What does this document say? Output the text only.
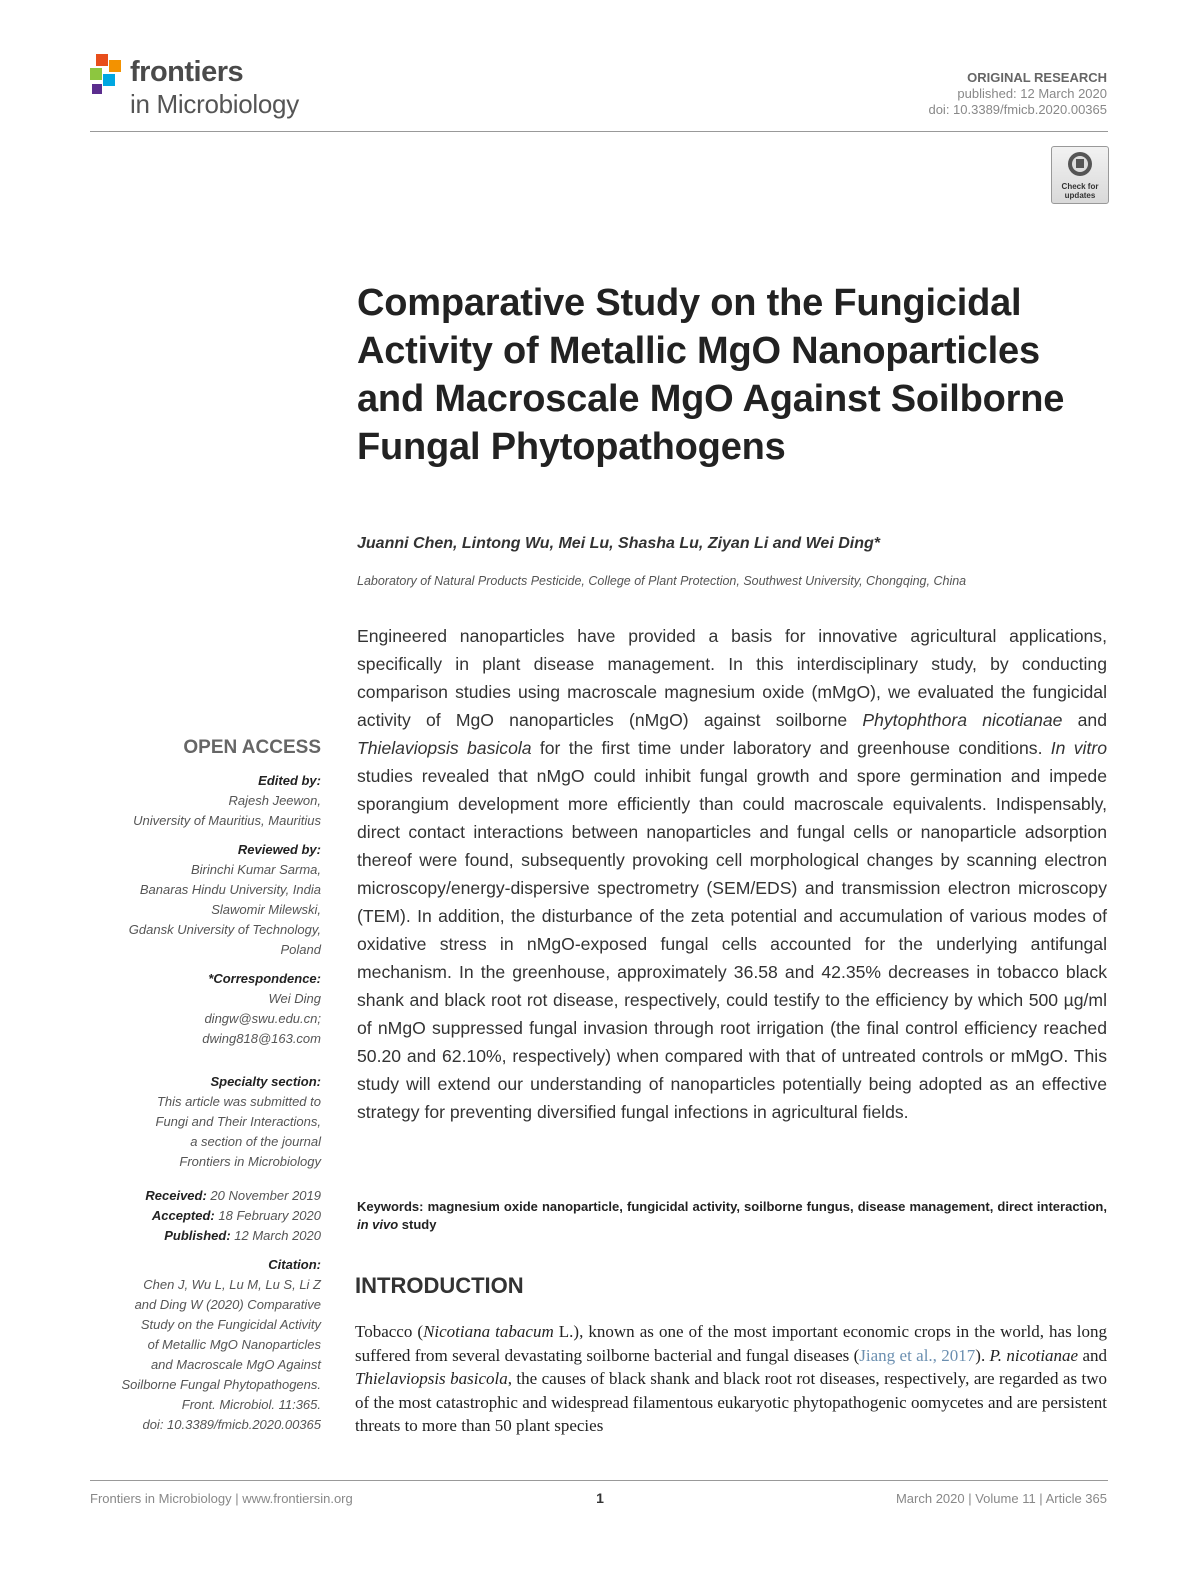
frontiers
in Microbiology
ORIGINAL RESEARCH
published: 12 March 2020
doi: 10.3389/fmicb.2020.00365
Check for
updates
Comparative Study on the Fungicidal Activity of Metallic MgO Nanoparticles and Macroscale MgO Against Soilborne Fungal Phytopathogens
Juanni Chen, Lintong Wu, Mei Lu, Shasha Lu, Ziyan Li and Wei Ding*
Laboratory of Natural Products Pesticide, College of Plant Protection, Southwest University, Chongqing, China

Engineered nanoparticles have provided a basis for innovative agricultural applications, specifically in plant disease management. In this interdisciplinary study, by conducting comparison studies using macroscale magnesium oxide (mMgO), we evaluated the fungicidal activity of MgO nanoparticles (nMgO) against soilborne Phytophthora nicotianae and Thielaviopsis basicola for the first time under laboratory and greenhouse conditions. In vitro studies revealed that nMgO could inhibit fungal growth and spore germination and impede sporangium development more efficiently than could macroscale equivalents. Indispensably, direct contact interactions between nanoparticles and fungal cells or nanoparticle adsorption thereof were found, subsequently provoking cell morphological changes by scanning electron microscopy/energy-dispersive spectrometry (SEM/EDS) and transmission electron microscopy (TEM). In addition, the disturbance of the zeta potential and accumulation of various modes of oxidative stress in nMgO-exposed fungal cells accounted for the underlying antifungal mechanism. In the greenhouse, approximately 36.58 and 42.35% decreases in tobacco black shank and black root rot disease, respectively, could testify to the efficiency by which 500 µg/ml of nMgO suppressed fungal invasion through root irrigation (the final control efficiency reached 50.20 and 62.10%, respectively) when compared with that of untreated controls or mMgO. This study will extend our understanding of nanoparticles potentially being adopted as an effective strategy for preventing diversified fungal infections in agricultural fields.

Keywords: magnesium oxide nanoparticle, fungicidal activity, soilborne fungus, disease management, direct interaction, in vivo study
OPEN ACCESS
Edited by:
Rajesh Jeewon,
University of Mauritius, Mauritius
Reviewed by:
Birinchi Kumar Sarma,
Banaras Hindu University, India
Slawomir Milewski,
Gdansk University of Technology,
Poland
*Correspondence:
Wei Ding
dingw@swu.edu.cn;
dwing818@163.com
Specialty section:
This article was submitted to
Fungi and Their Interactions,
a section of the journal
Frontiers in Microbiology
Received: 20 November 2019
Accepted: 18 February 2020
Published: 12 March 2020
Citation:
Chen J, Wu L, Lu M, Lu S, Li Z
and Ding W (2020) Comparative
Study on the Fungicidal Activity
of Metallic MgO Nanoparticles
and Macroscale MgO Against
Soilborne Fungal Phytopathogens.
Front. Microbiol. 11:365.
doi: 10.3389/fmicb.2020.00365
INTRODUCTION

Tobacco (Nicotiana tabacum L.), known as one of the most important economic crops in the world, has long suffered from several devastating soilborne bacterial and fungal diseases (Jiang et al., 2017). P. nicotianae and Thielaviopsis basicola, the causes of black shank and black root rot diseases, respectively, are regarded as two of the most catastrophic and widespread filamentous eukaryotic phytopathogenic oomycetes and are persistent threats to more than 50 plant species

Frontiers in Microbiology | www.frontiersin.org	1	March 2020 | Volume 11 | Article 365
